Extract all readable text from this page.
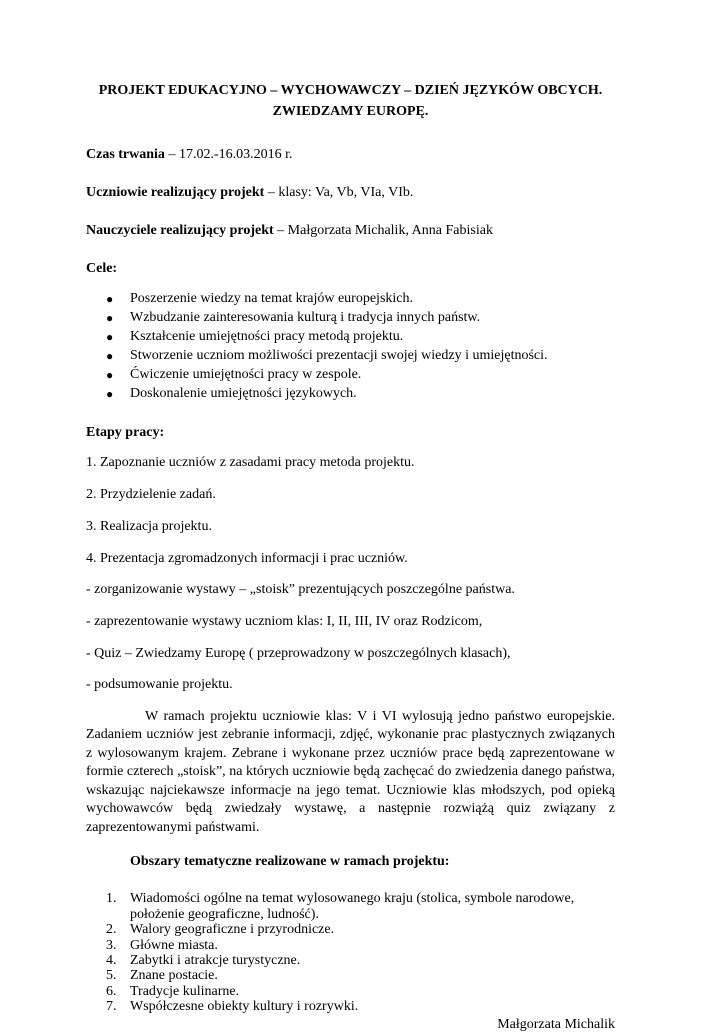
PROJEKT EDUKACYJNO – WYCHOWAWCZY – DZIEŃ JĘZYKÓW OBCYCH.
ZWIEDZAMY EUROPĘ.

Czas trwania – 17.02.-16.03.2016 r.

Uczniowie realizujący projekt – klasy: Va, Vb, VIa, VIb.

Nauczyciele realizujący projekt – Małgorzata Michalik, Anna Fabisiak

Cele:

● Poszerzenie wiedzy na temat krajów europejskich.
● Wzbudzanie zainteresowania kulturą i tradycja innych państw.
● Kształcenie umiejętności pracy metodą projektu.
● Stworzenie uczniom możliwości prezentacji swojej wiedzy i umiejętności.
● Ćwiczenie umiejętności pracy w zespole.
● Doskonalenie umiejętności językowych.

Etapy pracy:

1. Zapoznanie uczniów z zasadami pracy metoda projektu.

2. Przydzielenie zadań.

3. Realizacja projektu.

4. Prezentacja zgromadzonych informacji i prac uczniów.

- zorganizowanie wystawy – „stoisk” prezentujących poszczególne państwa.

- zaprezentowanie wystawy uczniom klas: I, II, III, IV oraz Rodzicom,

- Quiz – Zwiedzamy Europę ( przeprowadzony w poszczególnych klasach),

- podsumowanie projektu.

W ramach projektu uczniowie klas: V i VI wylosują jedno państwo europejskie. Zadaniem uczniów jest zebranie informacji, zdjęć, wykonanie prac plastycznych związanych z wylosowanym krajem. Zebrane i wykonane przez uczniów prace będą zaprezentowane w formie czterech „stoisk”, na których uczniowie będą zachęcać do zwiedzenia danego państwa, wskazując najciekawsze informacje na jego temat. Uczniowie klas młodszych, pod opieką wychowawców będą zwiedzały wystawę, a następnie rozwiążą quiz związany z zaprezentowanymi państwami.

Obszary tematyczne realizowane w ramach projektu:

1. Wiadomości ogólne na temat wylosowanego kraju (stolica, symbole narodowe, położenie geograficzne, ludność).
2. Walory geograficzne i przyrodnicze.
3. Główne miasta.
4. Zabytki i atrakcje turystyczne.
5. Znane postacie.
6. Tradycje kulinarne.
7. Współczesne obiekty kultury i rozrywki.

Małgorzata Michalik
